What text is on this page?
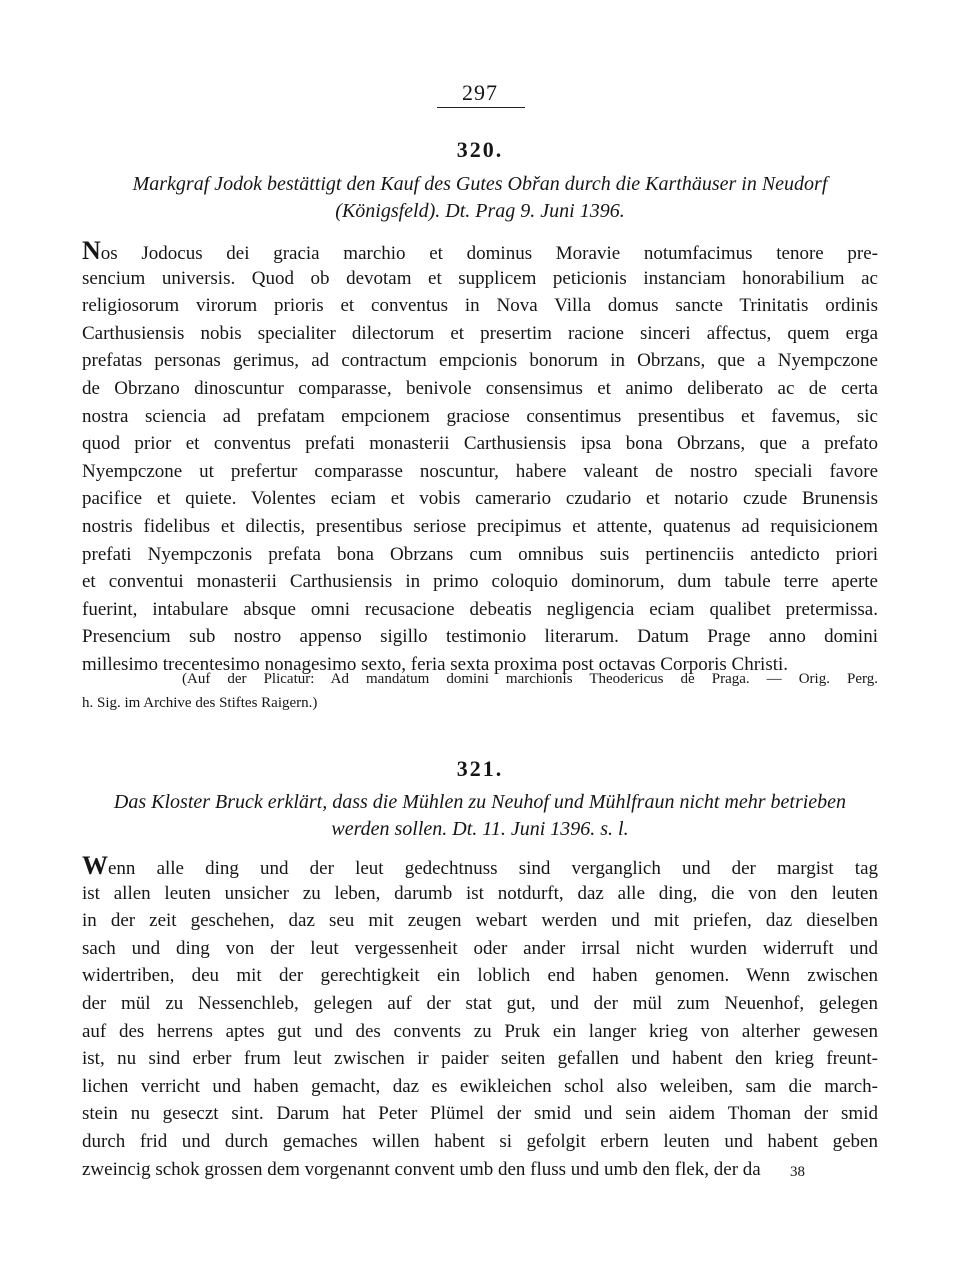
297
320.
Markgraf Jodok bestättigt den Kauf des Gutes Obřan durch die Karthäuser in Neudorf
(Königsfeld). Dt. Prag 9. Juni 1396.
Nos Jodocus dei gracia marchio et dominus Moravie notumfacimus tenore pre-
sencium universis. Quod ob devotam et supplicem peticionis instanciam honorabilium ac
religiosorum virorum prioris et conventus in Nova Villa domus sancte Trinitatis ordinis
Carthusiensis nobis specialiter dilectorum et presertim racione sinceri affectus, quem erga
prefatas personas gerimus, ad contractum empcionis bonorum in Obrzans, que a Nyempczone
de Obrzano dinoscuntur comparasse, benivole consensimus et animo deliberato ac de certa
nostra sciencia ad prefatam empcionem graciose consentimus presentibus et favemus, sic
quod prior et conventus prefati monasterii Carthusiensis ipsa bona Obrzans, que a prefato
Nyempczone ut prefertur comparasse noscuntur, habere valeant de nostro speciali favore
pacifice et quiete. Volentes eciam et vobis camerario czudario et notario czude Brunensis
nostris fidelibus et dilectis, presentibus seriose precipimus et attente, quatenus ad requisicionem
prefati Nyempczonis prefata bona Obrzans cum omnibus suis pertinenciis antedicto priori
et conventui monasterii Carthusiensis in primo coloquio dominorum, dum tabule terre aperte
fuerint, intabulare absque omni recusacione debeatis negligencia eciam qualibet pretermissa.
Presencium sub nostro appenso sigillo testimonio literarum. Datum Prage anno domini
millesimo trecentesimo nonagesimo sexto, feria sexta proxima post octavas Corporis Christi.
(Auf der Plicatur: Ad mandatum domini marchionis Theodericus de Praga. — Orig. Perg.
h. Sig. im Archive des Stiftes Raigern.)
321.
Das Kloster Bruck erklärt, dass die Mühlen zu Neuhof und Mühlfraun nicht mehr betrieben
werden sollen. Dt. 11. Juni 1396. s. l.
Wenn alle ding und der leut gedechtnuss sind verganglich und der margist tag
ist allen leuten unsicher zu leben, darumb ist notdurft, daz alle ding, die von den leuten
in der zeit geschehen, daz seu mit zeugen webart werden und mit priefen, daz dieselben
sach und ding von der leut vergessenheit oder ander irrsal nicht wurden widerruft und
widertriben, deu mit der gerechtigkeit ein loblich end haben genomen. Wenn zwischen
der mül zu Nessenchleb, gelegen auf der stat gut, und der mül zum Neuenhof, gelegen
auf des herrens aptes gut und des convents zu Pruk ein langer krieg von alterher gewesen
ist, nu sind erber frum leut zwischen ir paider seiten gefallen und habent den krieg freunt-
lichen verricht und haben gemacht, daz es ewikleichen schol also weleiben, sam die march-
stein nu geseczt sint. Darum hat Peter Plümel der smid und sein aidem Thoman der smid
durch frid und durch gemaches willen habent si gefolgit erbern leuten und habent geben
zweincig schok grossen dem vorgenannt convent umb den fluss und umb den flek, der da	38
